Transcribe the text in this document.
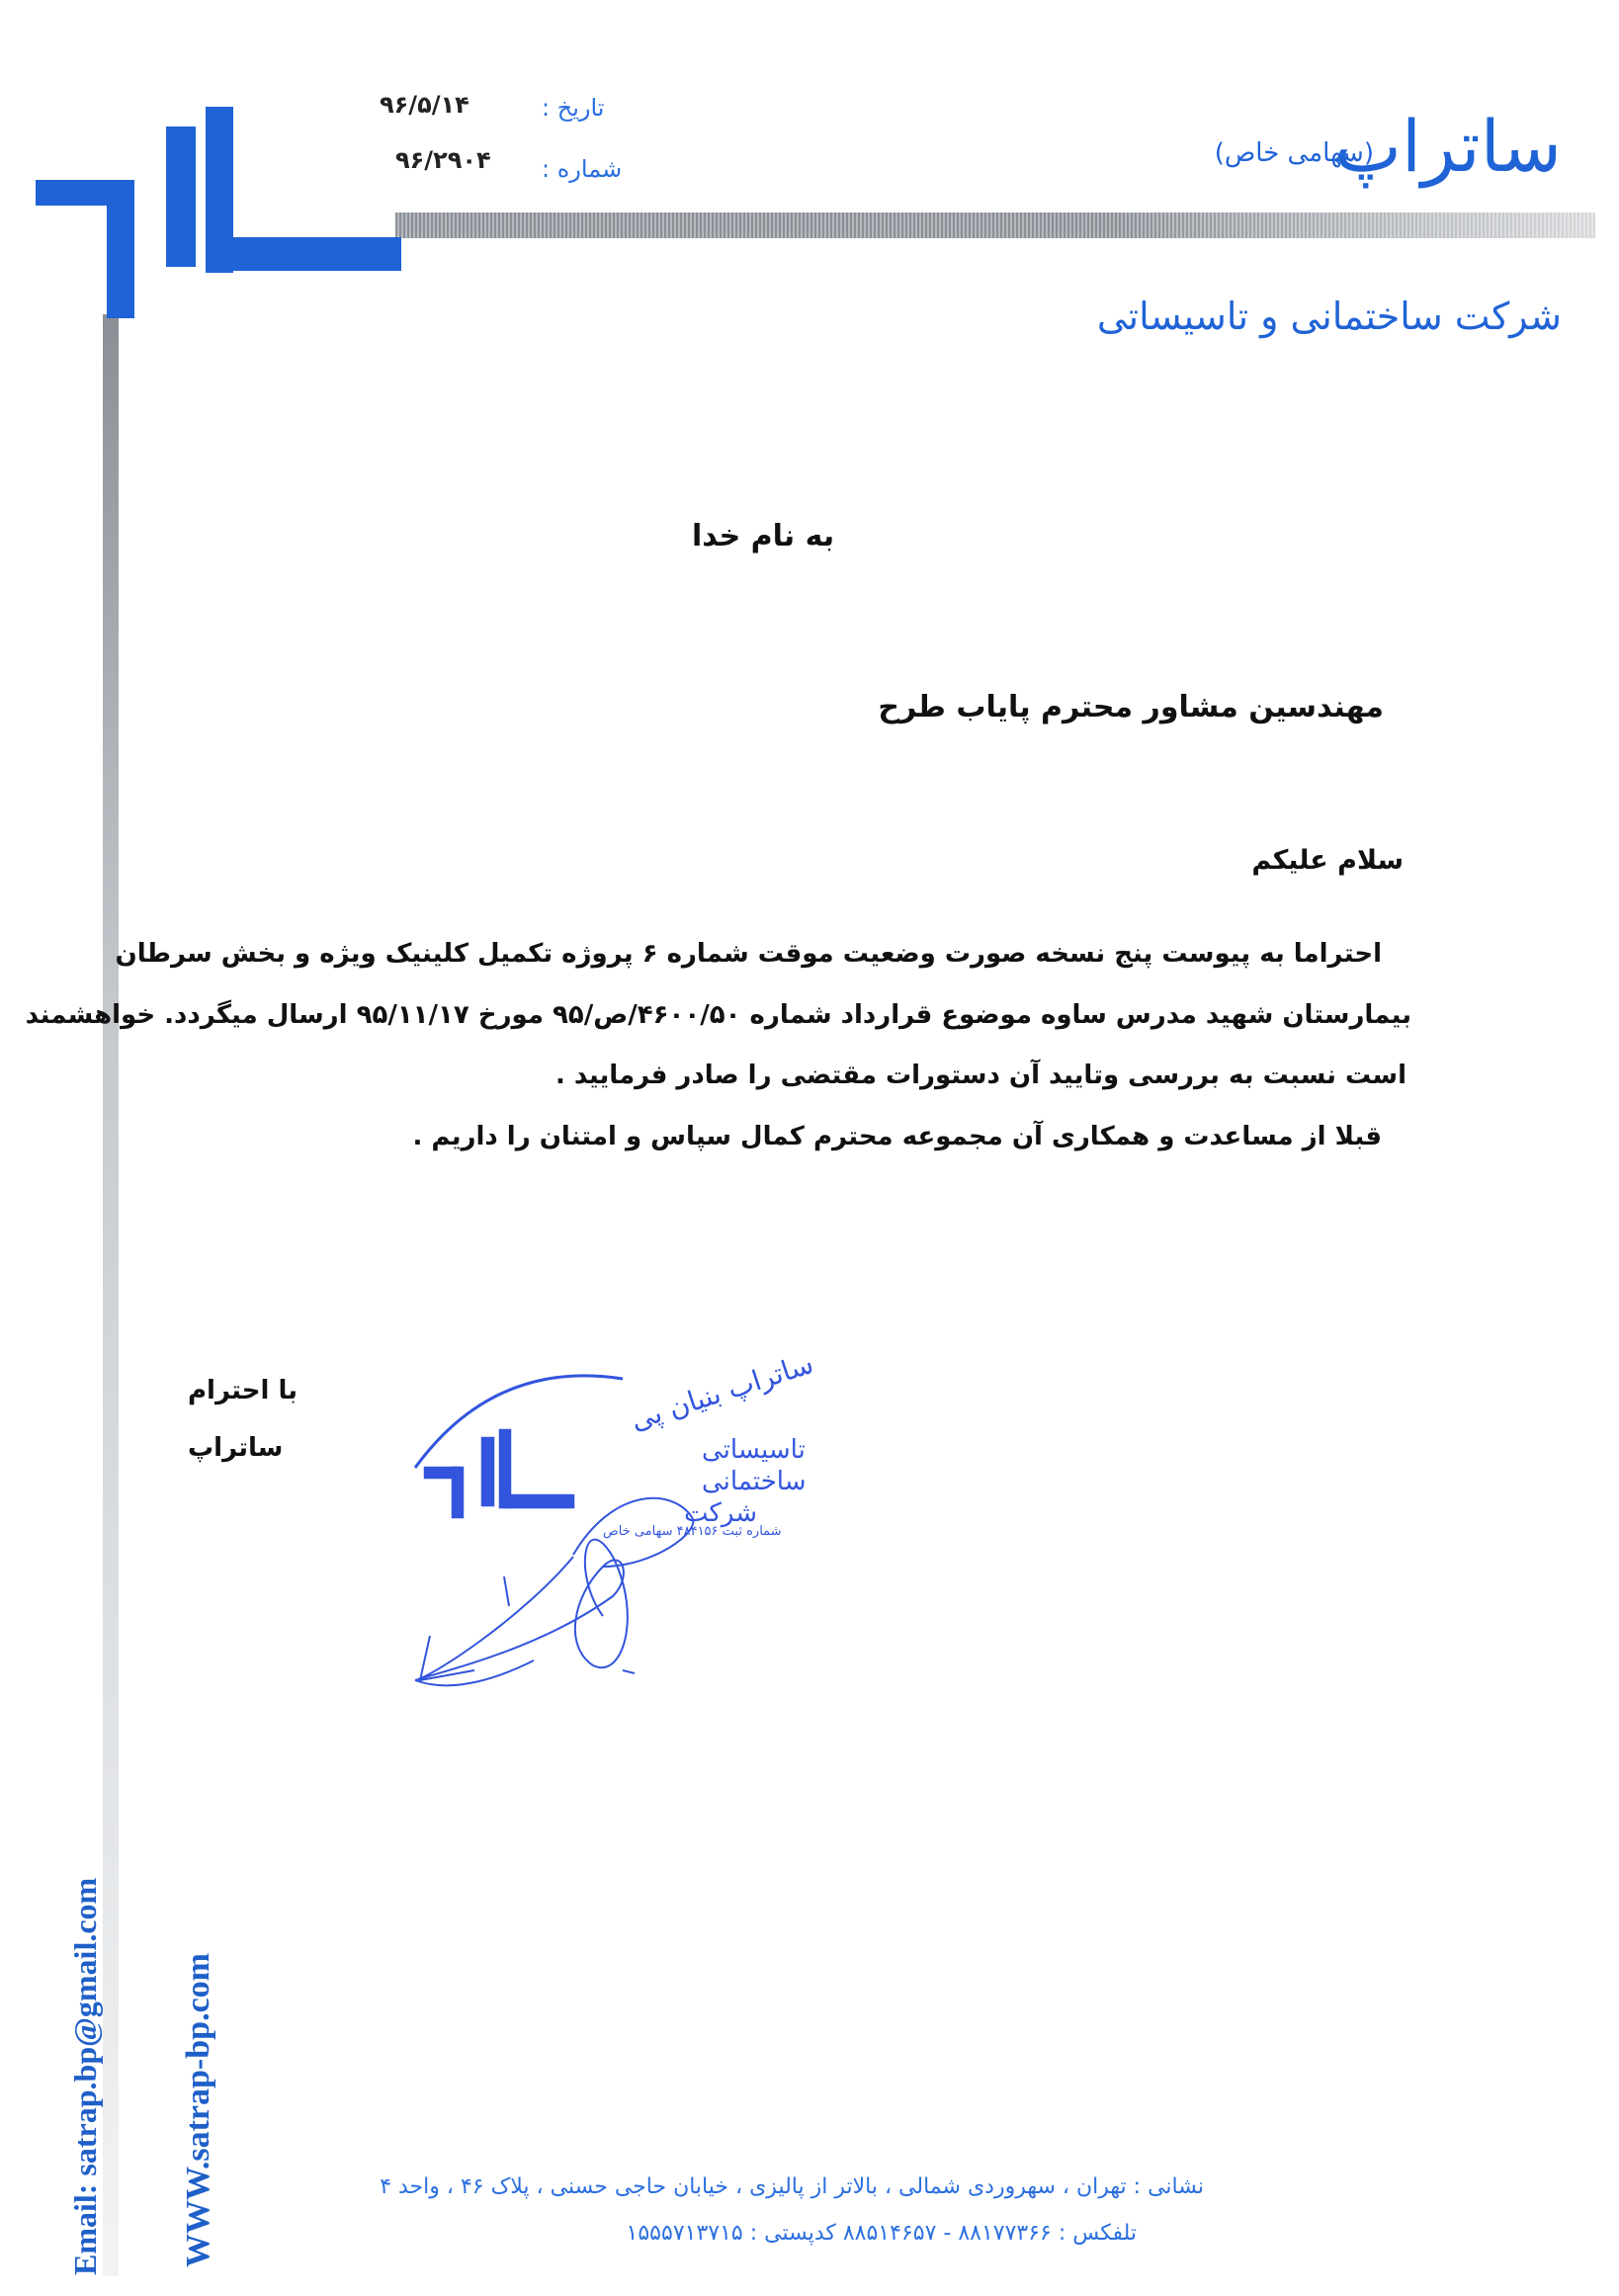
ساتراپ
(سهامی خاص)
شرکت ساختمانی و تاسیساتی
تاریخ :
۹۶/۵/۱۴
شماره :
۹۶/۲۹۰۴
به نام خدا
مهندسین مشاور محترم پایاب طرح
سلام علیکم
احتراما به پیوست پنج نسخه صورت وضعیت موقت شماره ۶ پروژه تکمیل کلینیک ویژه و بخش سرطان
بیمارستان شهید مدرس ساوه موضوع قرارداد شماره ۴۶۰۰/۵۰/ص/۹۵ مورخ ۹۵/۱۱/۱۷ ارسال میگردد. خواهشمند
است نسبت به بررسی وتایید آن دستورات مقتضی را صادر فرمایید .
قبلا از مساعدت و همکاری آن مجموعه محترم کمال سپاس و امتنان را داریم .
با احترام
ساتراپ
ساتراپ بنیان پی
تاسیساتی
ساختمانی
شرکت
شماره ثبت ۴۸۴۱۵۶ سهامی خاص
نشانی : تهران ، سهروردی شمالی ، بالاتر از پالیزی ، خیابان حاجی حسنی ، پلاک ۴۶ ، واحد ۴
تلفکس : ۸۸۱۷۷۳۶۶ - ۸۸۵۱۴۶۵۷ کدپستی : ۱۵۵۵۷۱۳۷۱۵
Email: satrap.bp@gmail.com WWW.satrap-bp.com
